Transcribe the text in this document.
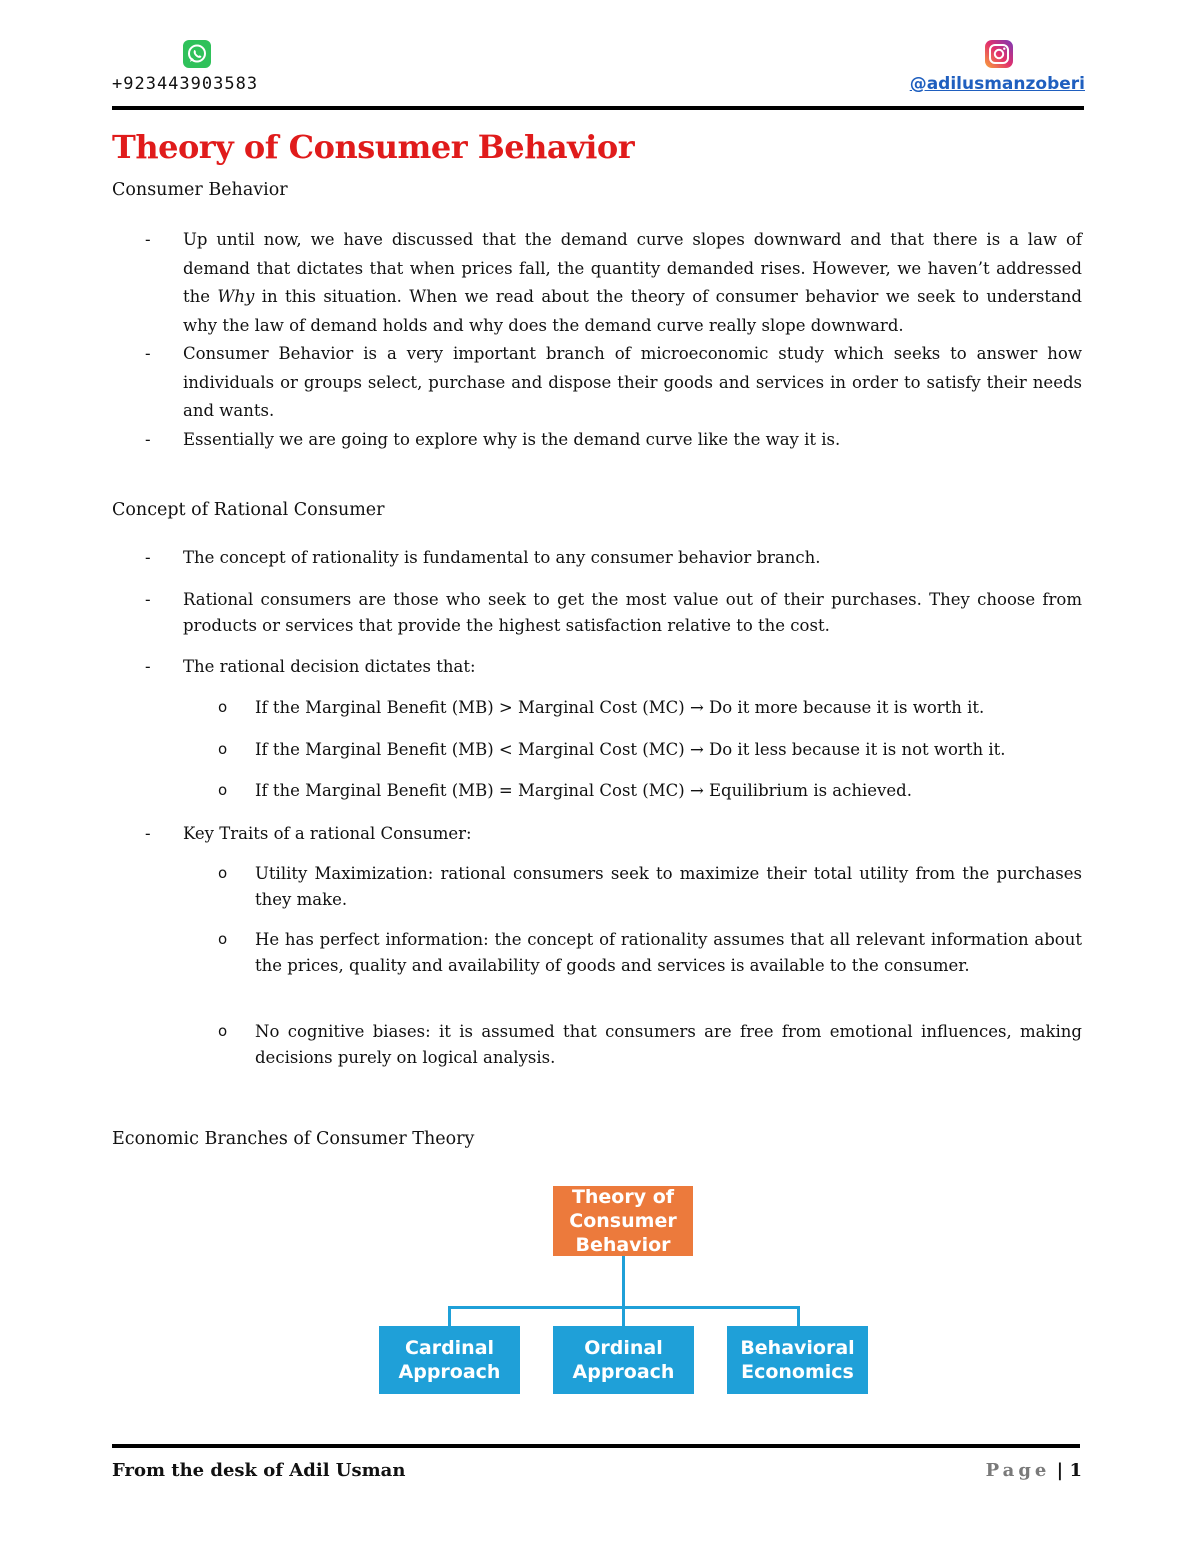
+923443903583	@adilusmanzoberi
Theory of Consumer Behavior
Consumer Behavior
- Up until now, we have discussed that the demand curve slopes downward and that there is a law of demand that dictates that when prices fall, the quantity demanded rises. However, we haven’t addressed the Why in this situation. When we read about the theory of consumer behavior we seek to understand why the law of demand holds and why does the demand curve really slope downward.
- Consumer Behavior is a very important branch of microeconomic study which seeks to answer how individuals or groups select, purchase and dispose their goods and services in order to satisfy their needs and wants.
- Essentially we are going to explore why is the demand curve like the way it is.
Concept of Rational Consumer
- The concept of rationality is fundamental to any consumer behavior branch.
- Rational consumers are those who seek to get the most value out of their purchases. They choose from products or services that provide the highest satisfaction relative to the cost.
- The rational decision dictates that:
o If the Marginal Benefit (MB) > Marginal Cost (MC) → Do it more because it is worth it.
o If the Marginal Benefit (MB) < Marginal Cost (MC) → Do it less because it is not worth it.
o If the Marginal Benefit (MB) = Marginal Cost (MC) → Equilibrium is achieved.
- Key Traits of a rational Consumer:
o Utility Maximization: rational consumers seek to maximize their total utility from the purchases they make.
o He has perfect information: the concept of rationality assumes that all relevant information about the prices, quality and availability of goods and services is available to the consumer.
o No cognitive biases: it is assumed that consumers are free from emotional influences, making decisions purely on logical analysis.
Economic Branches of Consumer Theory
Theory of Consumer Behavior
Cardinal Approach
Ordinal Approach
Behavioral Economics
From the desk of Adil Usman	Page | 1
